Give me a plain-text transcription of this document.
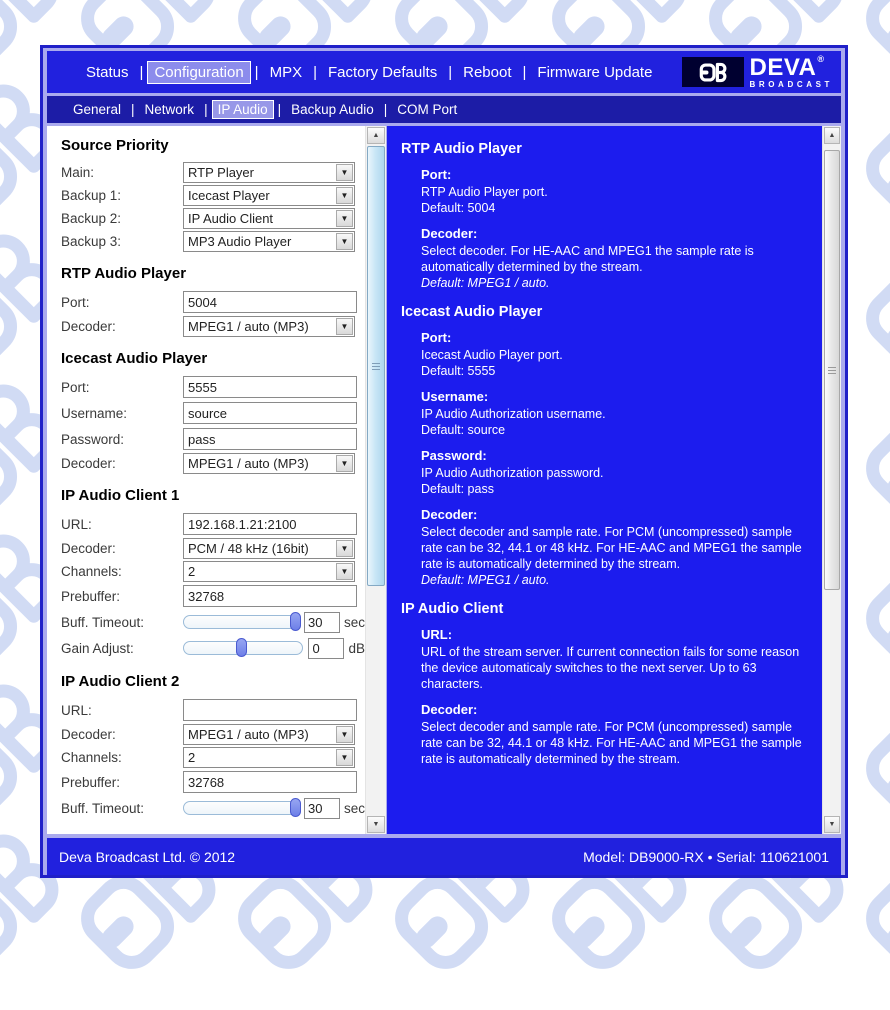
Status | Configuration | MPX | Factory Defaults | Reboot | Firmware Update	DEVA ®
BROADCAST
General | Network | IP Audio | Backup Audio | COM Port
Source Priority
Main:	RTP Player	▼
Backup 1:	Icecast Player	▼
Backup 2:	IP Audio Client	▼
Backup 3:	MP3 Audio Player	▼
RTP Audio Player
Port:
5004
Decoder:	MPEG1 / auto (MP3)	▼
Icecast Audio Player
Port:
5555
Username:
source
Password:
pass
Decoder:	MPEG1 / auto (MP3)	▼
IP Audio Client 1
URL:
192.168.1.21:2100
Decoder:	PCM / 48 kHz (16bit)	▼
Channels:	2	▼
Prebuffer:
32768
Buff. Timeout:
30	sec
Gain Adjust:
0	dB
IP Audio Client 2
URL:
Decoder:	MPEG1 / auto (MP3)	▼
Channels:	2	▼
Prebuffer:
32768
Buff. Timeout:
30	sec
▲
▼
RTP Audio Player
Port:
RTP Audio Player port.
Default: 5004
Decoder:
Select decoder. For HE-AAC and MPEG1 the sample rate is automatically determined by the stream.
Default: MPEG1 / auto.
Icecast Audio Player
Port:
Icecast Audio Player port.
Default: 5555
Username:
IP Audio Authorization username.
Default: source
Password:
IP Audio Authorization password.
Default: pass
Decoder:
Select decoder and sample rate. For PCM (uncompressed) sample rate can be 32, 44.1 or 48 kHz. For HE-AAC and MPEG1 the sample rate is automatically determined by the stream.
Default: MPEG1 / auto.
IP Audio Client
URL:
URL of the stream server. If current connection fails for some reason the device automaticaly switches to the next server. Up to 63 characters.
Decoder:
Select decoder and sample rate. For PCM (uncompressed) sample rate can be 32, 44.1 or 48 kHz. For HE-AAC and MPEG1 the sample rate is automatically determined by the stream.
▲
▼
Deva Broadcast Ltd. © 2012	Model: DB9000-RX • Serial: 110621001
